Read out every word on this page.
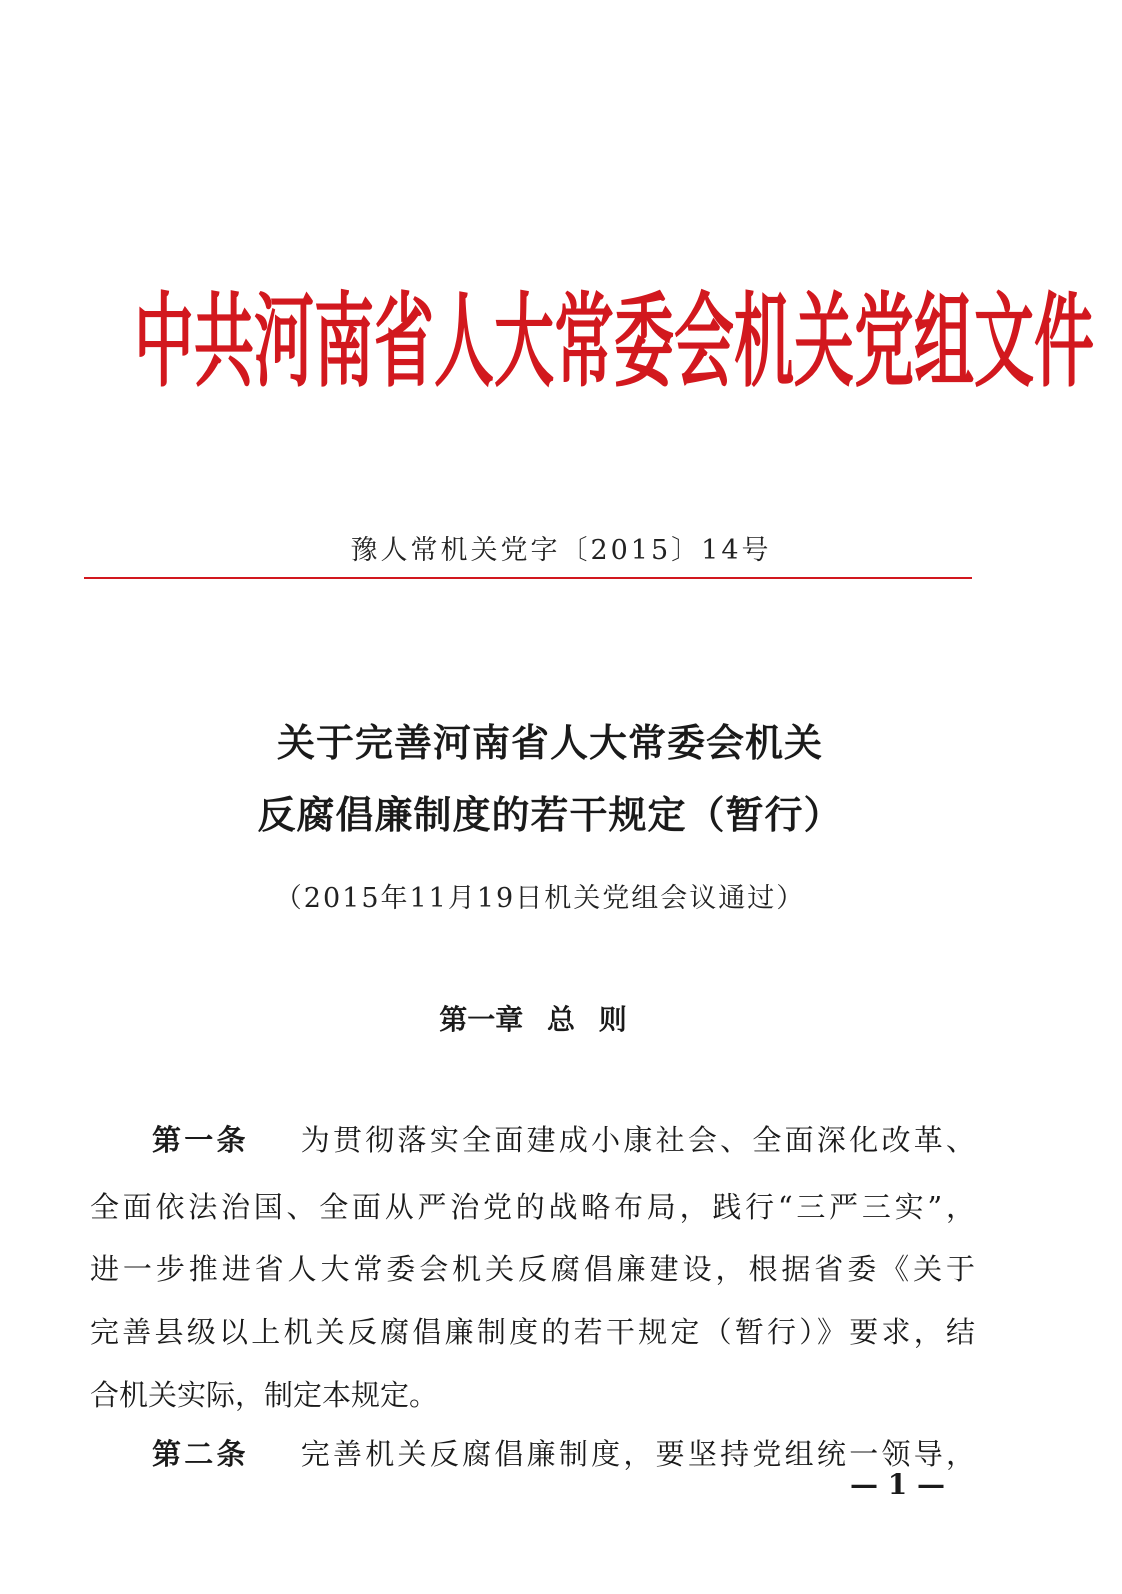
中共河南省人大常委会机关党组文件
豫人常机关党字〔2015〕14号
关于完善河南省人大常委会机关
反腐倡廉制度的若干规定（暂行）
（2015年11月19日机关党组会议通过）
第一章 总 则
第一条 为贯彻落实全面建成小康社会、全面深化改革、
全面依法治国、全面从严治党的战略布局，践行“三严三实”，
进一步推进省人大常委会机关反腐倡廉建设，根据省委《关于
完善县级以上机关反腐倡廉制度的若干规定（暂行）》要求，结
合机关实际，制定本规定。
第二条 完善机关反腐倡廉制度，要坚持党组统一领导，
— 1 —
